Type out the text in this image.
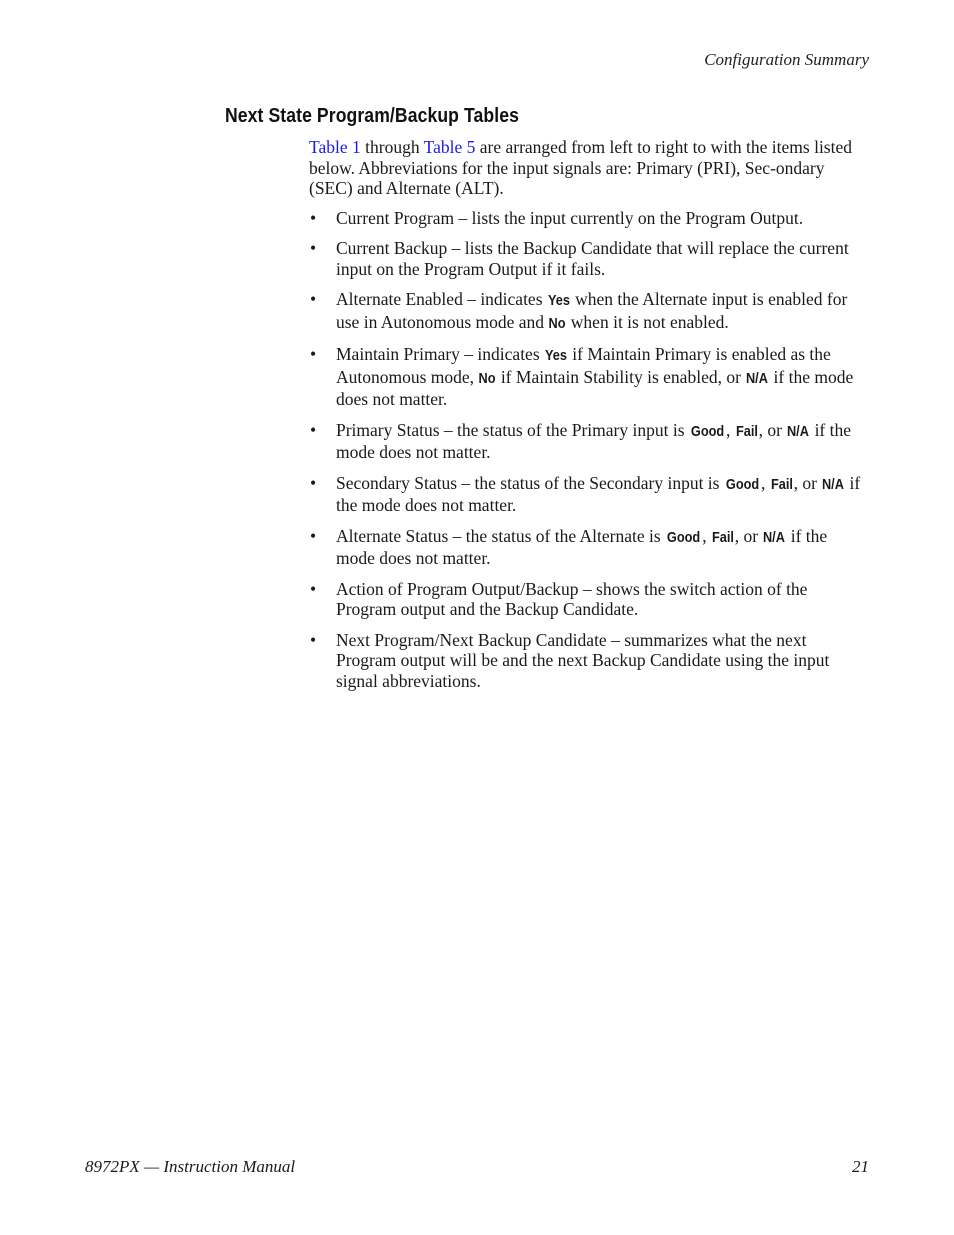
Configuration Summary
Next State Program/Backup Tables

Table 1 through Table 5 are arranged from left to right to with the items listed below. Abbreviations for the input signals are: Primary (PRI), Sec-ondary (SEC) and Alternate (ALT).

• Current Program – lists the input currently on the Program Output.
• Current Backup – lists the Backup Candidate that will replace the current input on the Program Output if it fails.
• Alternate Enabled – indicates Yes when the Alternate input is enabled for use in Autonomous mode and No when it is not enabled.
• Maintain Primary – indicates Yes if Maintain Primary is enabled as the Autonomous mode, No if Maintain Stability is enabled, or N/A if the mode does not matter.
• Primary Status – the status of the Primary input is Good , Fail, or N/A if the mode does not matter.
• Secondary Status – the status of the Secondary input is Good , Fail, or N/A if the mode does not matter.
• Alternate Status – the status of the Alternate is Good , Fail, or N/A if the mode does not matter.
• Action of Program Output/Backup – shows the switch action of the Program output and the Backup Candidate.
• Next Program/Next Backup Candidate – summarizes what the next Program output will be and the next Backup Candidate using the input signal abbreviations.
8972PX — Instruction Manual	21
